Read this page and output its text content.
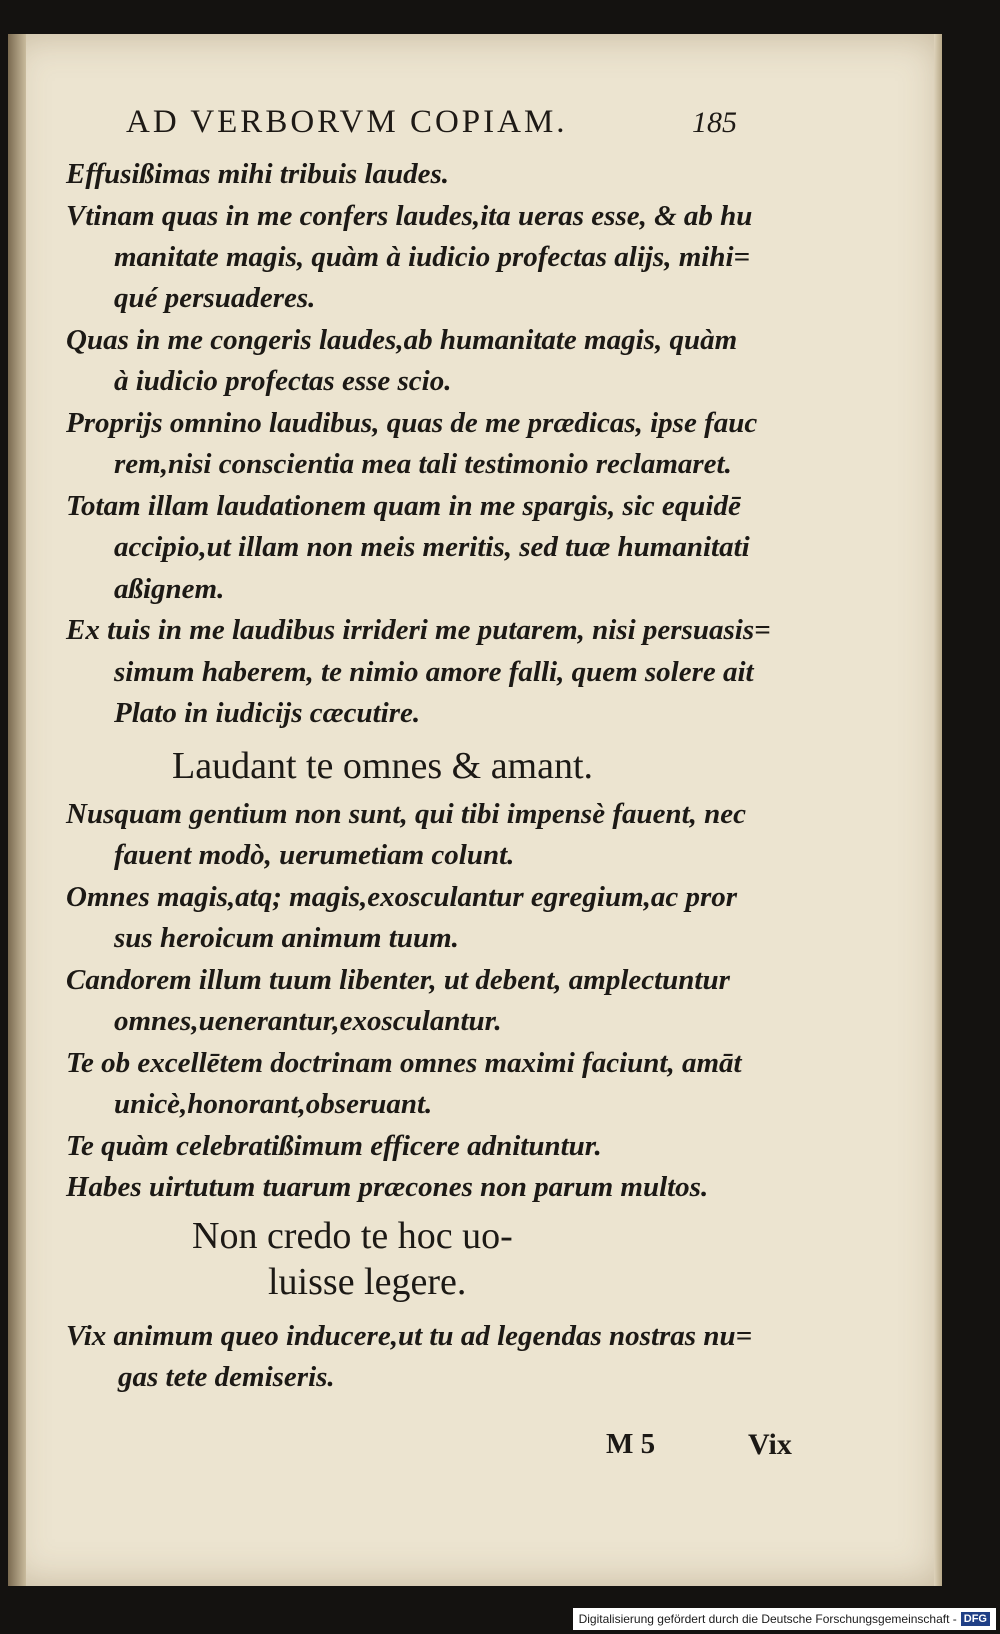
AD VERBORVM COPIAM.	185
Effusißimas mihi tribuis laudes.
Vtinam quas in me confers laudes,ita ueras esse, & ab hu
manitate magis, quàm à iudicio profectas alijs, mihi=
qué persuaderes.
Quas in me congeris laudes,ab humanitate magis, quàm
à iudicio profectas esse scio.
Proprijs omnino laudibus, quas de me prædicas, ipse fauc
rem,nisi conscientia mea tali testimonio reclamaret.
Totam illam laudationem quam in me spargis, sic equidē
accipio,ut illam non meis meritis, sed tuæ humanitati
aßignem.
Ex tuis in me laudibus irrideri me putarem, nisi persuasis=
simum haberem, te nimio amore falli, quem solere ait
Plato in iudicijs cæcutire.
Laudant te omnes & amant.
Nusquam gentium non sunt, qui tibi impensè fauent, nec
fauent modò, uerumetiam colunt.
Omnes magis,atq; magis,exosculantur egregium,ac pror
sus heroicum animum tuum.
Candorem illum tuum libenter, ut debent, amplectuntur
omnes,uenerantur,exosculantur.
Te ob excellētem doctrinam omnes maximi faciunt, amāt
unicè,honorant,obseruant.
Te quàm celebratißimum efficere adnituntur.
Habes uirtutum tuarum præcones non parum multos.
Non credo te hoc uo-
luisse legere.
Vix animum queo inducere,ut tu ad legendas nostras nu=
gas tete demiseris.
M 5	Vix
Digitalisierung gefördert durch die Deutsche Forschungsgemeinschaft - DFG
